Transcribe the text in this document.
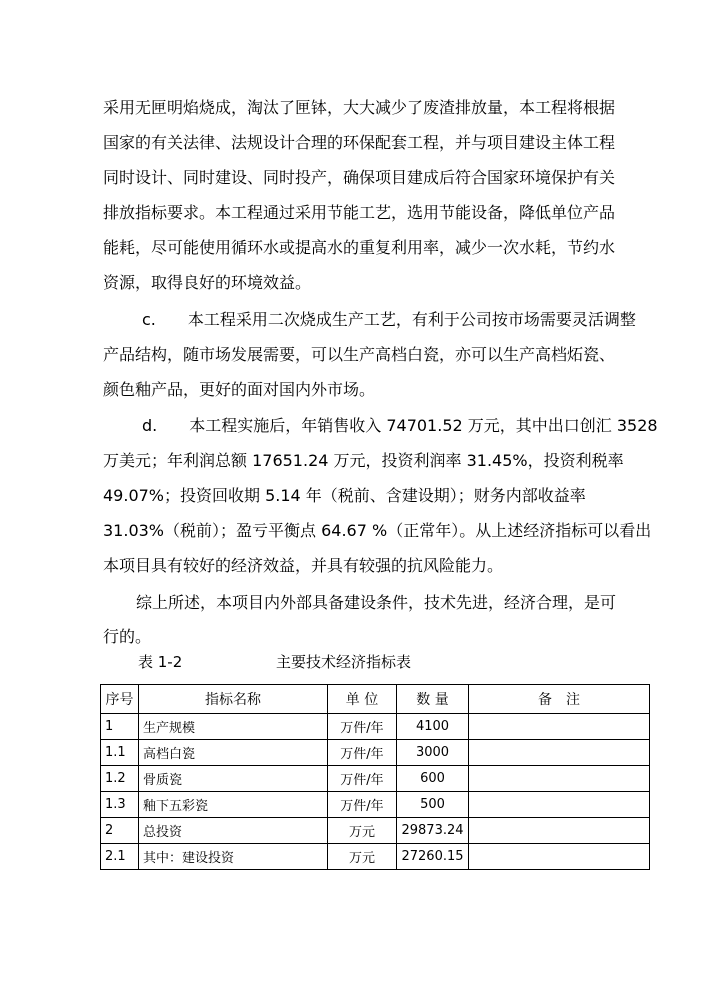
采用无匣明焰烧成，淘汰了匣钵，大大减少了废渣排放量，本工程将根据
国家的有关法律、法规设计合理的环保配套工程，并与项目建设主体工程
同时设计、同时建设、同时投产，确保项目建成后符合国家环境保护有关
排放指标要求。本工程通过采用节能工艺，选用节能设备，降低单位产品
能耗，尽可能使用循环水或提高水的重复利用率，减少一次水耗，节约水
资源，取得良好的环境效益。
c.　　本工程采用二次烧成生产工艺，有利于公司按市场需要灵活调整
产品结构，随市场发展需要，可以生产高档白瓷，亦可以生产高档炻瓷、
颜色釉产品，更好的面对国内外市场。
d.　　本工程实施后，年销售收入 74701.52 万元，其中出口创汇 3528
万美元；年利润总额 17651.24 万元，投资利润率 31.45%，投资利税率
49.07%；投资回收期 5.14 年（税前、含建设期）；财务内部收益率
31.03%（税前）；盈亏平衡点 64.67 %（正常年）。从上述经济指标可以看出
本项目具有较好的经济效益，并具有较强的抗风险能力。
综上所述，本项目内外部具备建设条件，技术先进，经济合理，是可
行的。
表 1-2	主要技术经济指标表
序号	指标名称	单 位	数 量	备　注
1	生产规模	万件/年	4100	
1.1	高档白瓷	万件/年	3000	
1.2	骨质瓷	万件/年	600	
1.3	釉下五彩瓷	万件/年	500	
2	总投资	万元	29873.24	
2.1	其中：建设投资	万元	27260.15	
